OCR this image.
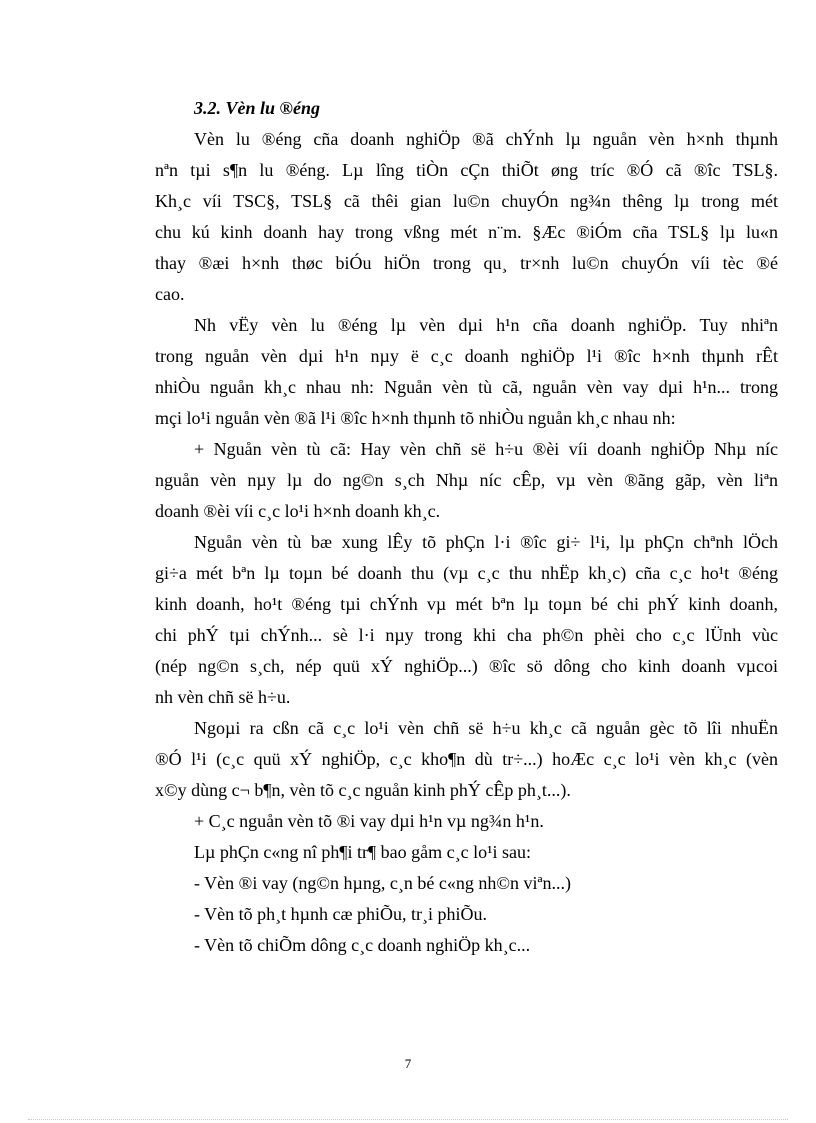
3.2. Vèn lu ®éng
Vèn lu ®éng cña doanh nghiÖp ®ã chÝnh lµ nguån vèn h×nh thµnh
nªn tµi s¶n lu ®éng. Lµ lîng tiÒn cÇn thiÕt øng tríc ®Ó cã ®îc TSL§.
Kh¸c víi TSC§, TSL§ cã thêi gian lu©n chuyÓn ng¾n thêng lµ trong mét
chu kú kinh doanh hay trong vßng mét n¨m. §Æc ®iÓm cña TSL§ lµ lu«n
thay ®æi h×nh thøc biÓu hiÖn trong qu¸ tr×nh lu©n chuyÓn víi tèc ®é
cao.
Nh vËy vèn lu ®éng lµ vèn dµi h¹n cña doanh nghiÖp. Tuy nhiªn
trong nguån vèn dµi h¹n nµy ë c¸c doanh nghiÖp l¹i ®îc h×nh thµnh rÊt
nhiÒu nguån kh¸c nhau nh: Nguån vèn tù cã, nguån vèn vay dµi h¹n... trong
mçi lo¹i nguån vèn ®ã l¹i ®îc h×nh thµnh tõ nhiÒu nguån kh¸c nhau nh:
+ Nguån vèn tù cã: Hay vèn chñ së h÷u ®èi víi doanh nghiÖp Nhµ níc
nguån vèn nµy lµ do ng©n s¸ch Nhµ níc cÊp, vµ vèn ®ãng gãp, vèn liªn
doanh ®èi víi c¸c lo¹i h×nh doanh kh¸c.
Nguån vèn tù bæ xung lÊy tõ phÇn l·i ®îc gi÷ l¹i, lµ phÇn chªnh lÖch
gi÷a mét bªn lµ toµn bé doanh thu (vµ c¸c thu nhËp kh¸c) cña c¸c ho¹t ®éng
kinh doanh, ho¹t ®éng tµi chÝnh vµ mét bªn lµ toµn bé chi phÝ kinh doanh,
chi phÝ tµi chÝnh... sè l·i nµy trong khi cha ph©n phèi cho c¸c lÜnh vùc
(nép ng©n s¸ch, nép quü xÝ nghiÖp...) ®îc sö dông cho kinh doanh vµcoi
nh vèn chñ së h÷u.
Ngoµi ra cßn cã c¸c lo¹i vèn chñ së h÷u kh¸c cã nguån gèc tõ lîi nhuËn
®Ó l¹i (c¸c quü xÝ nghiÖp, c¸c kho¶n dù tr÷...) hoÆc c¸c lo¹i vèn kh¸c (vèn
x©y dùng c¬ b¶n, vèn tõ c¸c nguån kinh phÝ cÊp ph¸t...).
+ C¸c nguån vèn tõ ®i vay dµi h¹n vµ ng¾n h¹n.
Lµ phÇn c«ng nî ph¶i tr¶ bao gåm c¸c lo¹i sau:
- Vèn ®i vay (ng©n hµng, c¸n bé c«ng nh©n viªn...)
- Vèn tõ ph¸t hµnh cæ phiÕu, tr¸i phiÕu.
- Vèn tõ chiÕm dông c¸c doanh nghiÖp kh¸c...
7
